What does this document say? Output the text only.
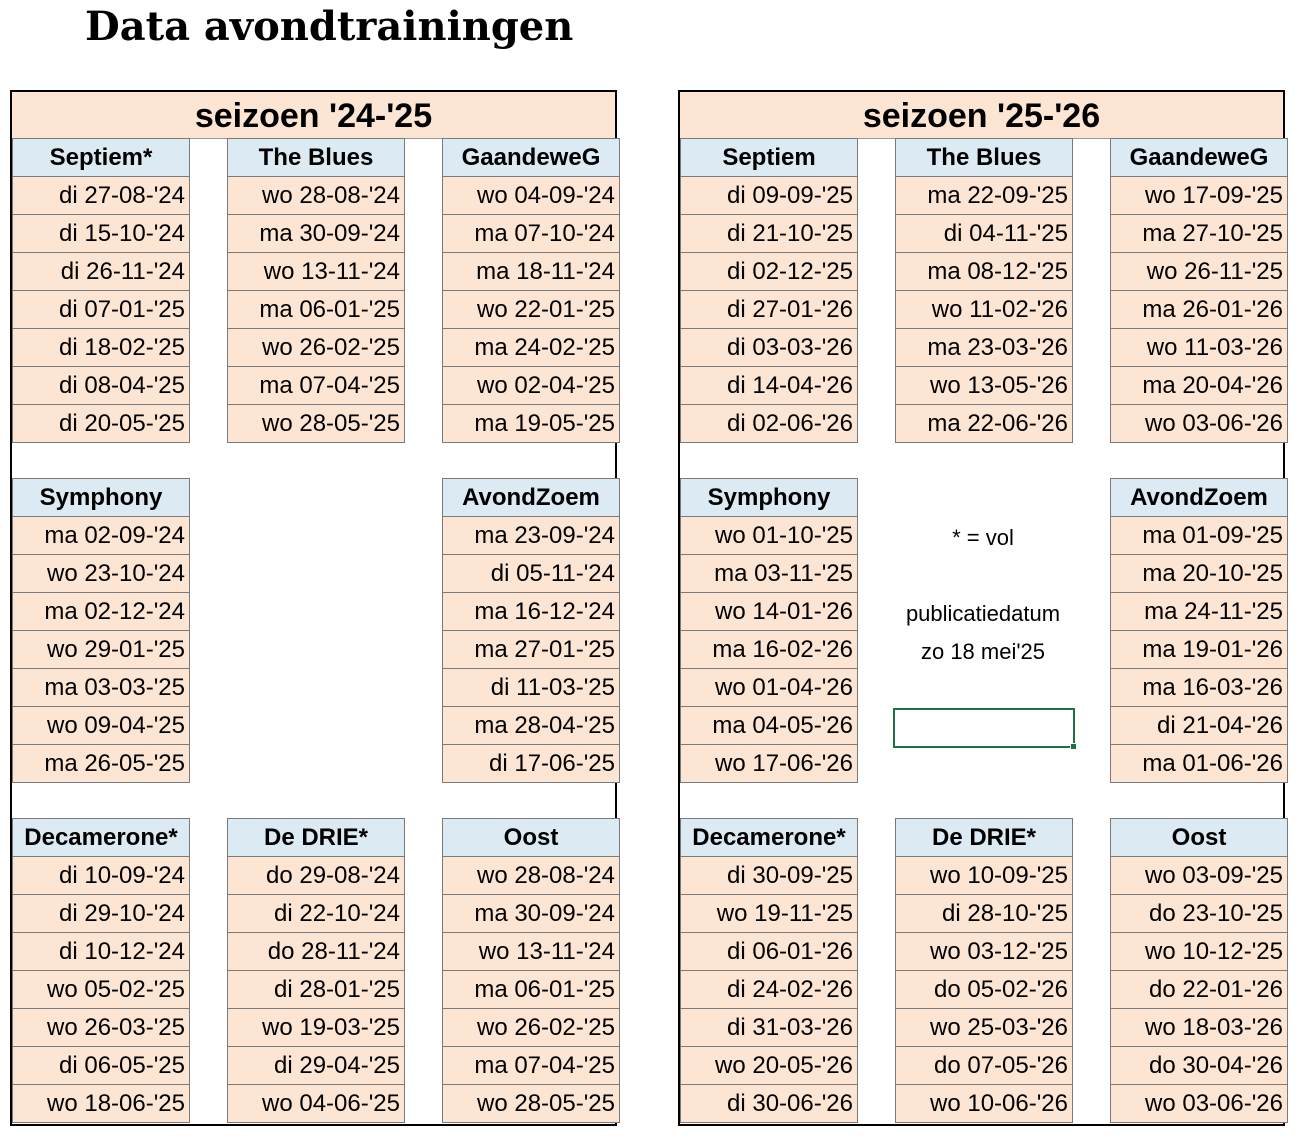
Data avondtrainingen
seizoen '24-'25
Septiem*
di 27-08-'24
di 15-10-'24
di 26-11-'24
di 07-01-'25
di 18-02-'25
di 08-04-'25
di 20-05-'25
The Blues
wo 28-08-'24
ma 30-09-'24
wo 13-11-'24
ma 06-01-'25
wo 26-02-'25
ma 07-04-'25
wo 28-05-'25
GaandeweG
wo 04-09-'24
ma 07-10-'24
ma 18-11-'24
wo 22-01-'25
ma 24-02-'25
wo 02-04-'25
ma 19-05-'25
Symphony
ma 02-09-'24
wo 23-10-'24
ma 02-12-'24
wo 29-01-'25
ma 03-03-'25
wo 09-04-'25
ma 26-05-'25
AvondZoem
ma 23-09-'24
di 05-11-'24
ma 16-12-'24
ma 27-01-'25
di 11-03-'25
ma 28-04-'25
di 17-06-'25
Decamerone*
di 10-09-'24
di 29-10-'24
di 10-12-'24
wo 05-02-'25
wo 26-03-'25
di 06-05-'25
wo 18-06-'25
De DRIE*
do 29-08-'24
di 22-10-'24
do 28-11-'24
di 28-01-'25
wo 19-03-'25
di 29-04-'25
wo 04-06-'25
Oost
wo 28-08-'24
ma 30-09-'24
wo 13-11-'24
ma 06-01-'25
wo 26-02-'25
ma 07-04-'25
wo 28-05-'25
seizoen '25-'26
* = vol
publicatiedatum
zo 18 mei'25
Septiem
di 09-09-'25
di 21-10-'25
di 02-12-'25
di 27-01-'26
di 03-03-'26
di 14-04-'26
di 02-06-'26
The Blues
ma 22-09-'25
di 04-11-'25
ma 08-12-'25
wo 11-02-'26
ma 23-03-'26
wo 13-05-'26
ma 22-06-'26
GaandeweG
wo 17-09-'25
ma 27-10-'25
wo 26-11-'25
ma 26-01-'26
wo 11-03-'26
ma 20-04-'26
wo 03-06-'26
Symphony
wo 01-10-'25
ma 03-11-'25
wo 14-01-'26
ma 16-02-'26
wo 01-04-'26
ma 04-05-'26
wo 17-06-'26
AvondZoem
ma 01-09-'25
ma 20-10-'25
ma 24-11-'25
ma 19-01-'26
ma 16-03-'26
di 21-04-'26
ma 01-06-'26
Decamerone*
di 30-09-'25
wo 19-11-'25
di 06-01-'26
di 24-02-'26
di 31-03-'26
wo 20-05-'26
di 30-06-'26
De DRIE*
wo 10-09-'25
di 28-10-'25
wo 03-12-'25
do 05-02-'26
wo 25-03-'26
do 07-05-'26
wo 10-06-'26
Oost
wo 03-09-'25
do 23-10-'25
wo 10-12-'25
do 22-01-'26
wo 18-03-'26
do 30-04-'26
wo 03-06-'26
